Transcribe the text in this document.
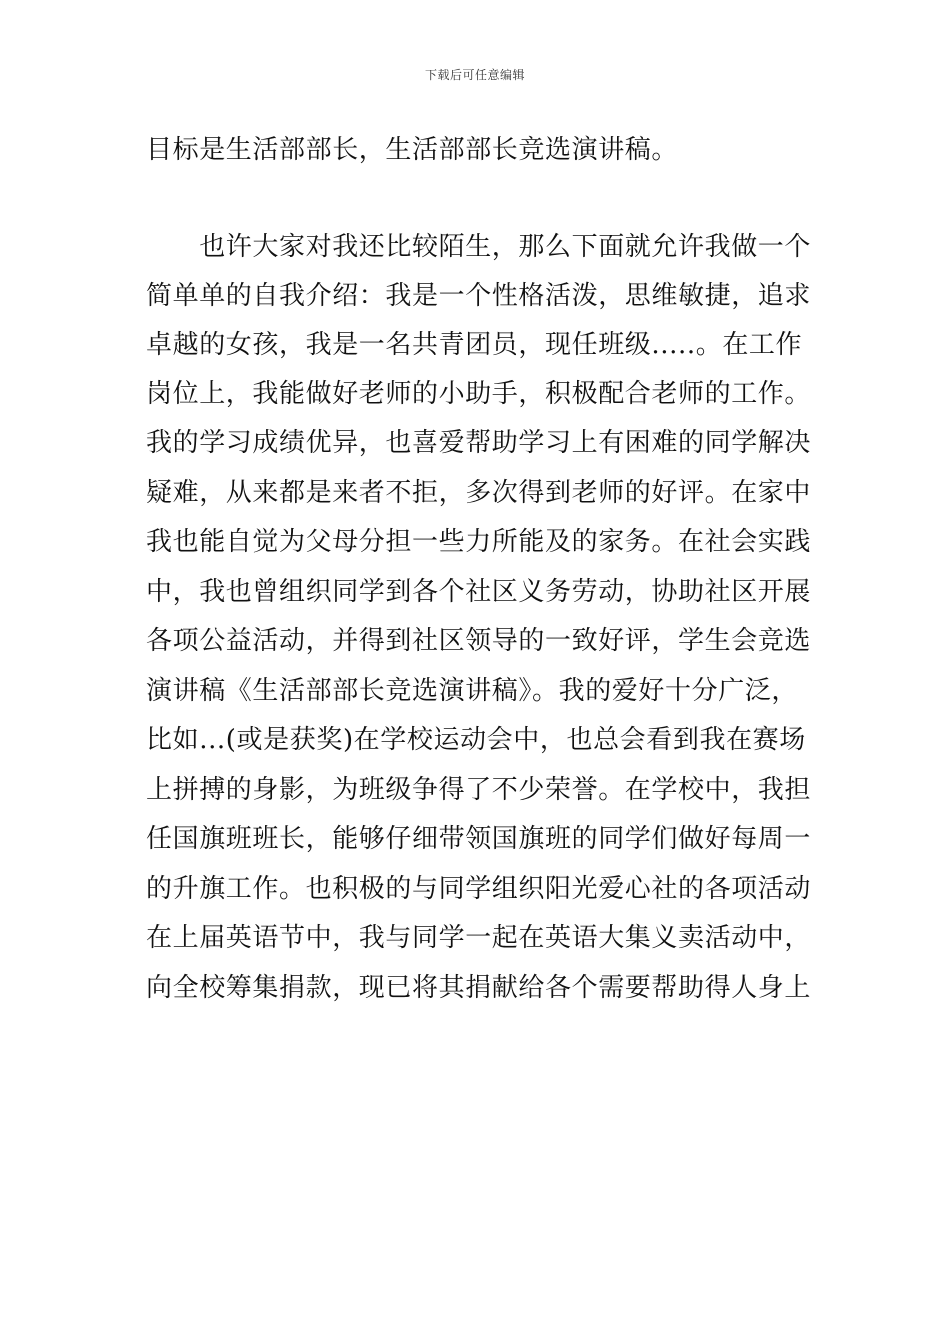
下载后可任意编辑
目标是生活部部长，生活部部长竞选演讲稿。
　　也许大家对我还比较陌生，那么下面就允许我做一个
简单单的自我介绍：我是一个性格活泼，思维敏捷，追求
卓越的女孩，我是一名共青团员，现任班级.....。在工作
岗位上，我能做好老师的小助手，积极配合老师的工作。
我的学习成绩优异，也喜爱帮助学习上有困难的同学解决
疑难，从来都是来者不拒，多次得到老师的好评。在家中
我也能自觉为父母分担一些力所能及的家务。在社会实践
中，我也曾组织同学到各个社区义务劳动，协助社区开展
各项公益活动，并得到社区领导的一致好评，学生会竞选
演讲稿《生活部部长竞选演讲稿》。我的爱好十分广泛，
比如...(或是获奖)在学校运动会中，也总会看到我在赛场
上拼搏的身影，为班级争得了不少荣誉。在学校中，我担
任国旗班班长，能够仔细带领国旗班的同学们做好每周一
的升旗工作。也积极的与同学组织阳光爱心社的各项活动
在上届英语节中，我与同学一起在英语大集义卖活动中，
向全校筹集捐款，现已将其捐献给各个需要帮助得人身上
